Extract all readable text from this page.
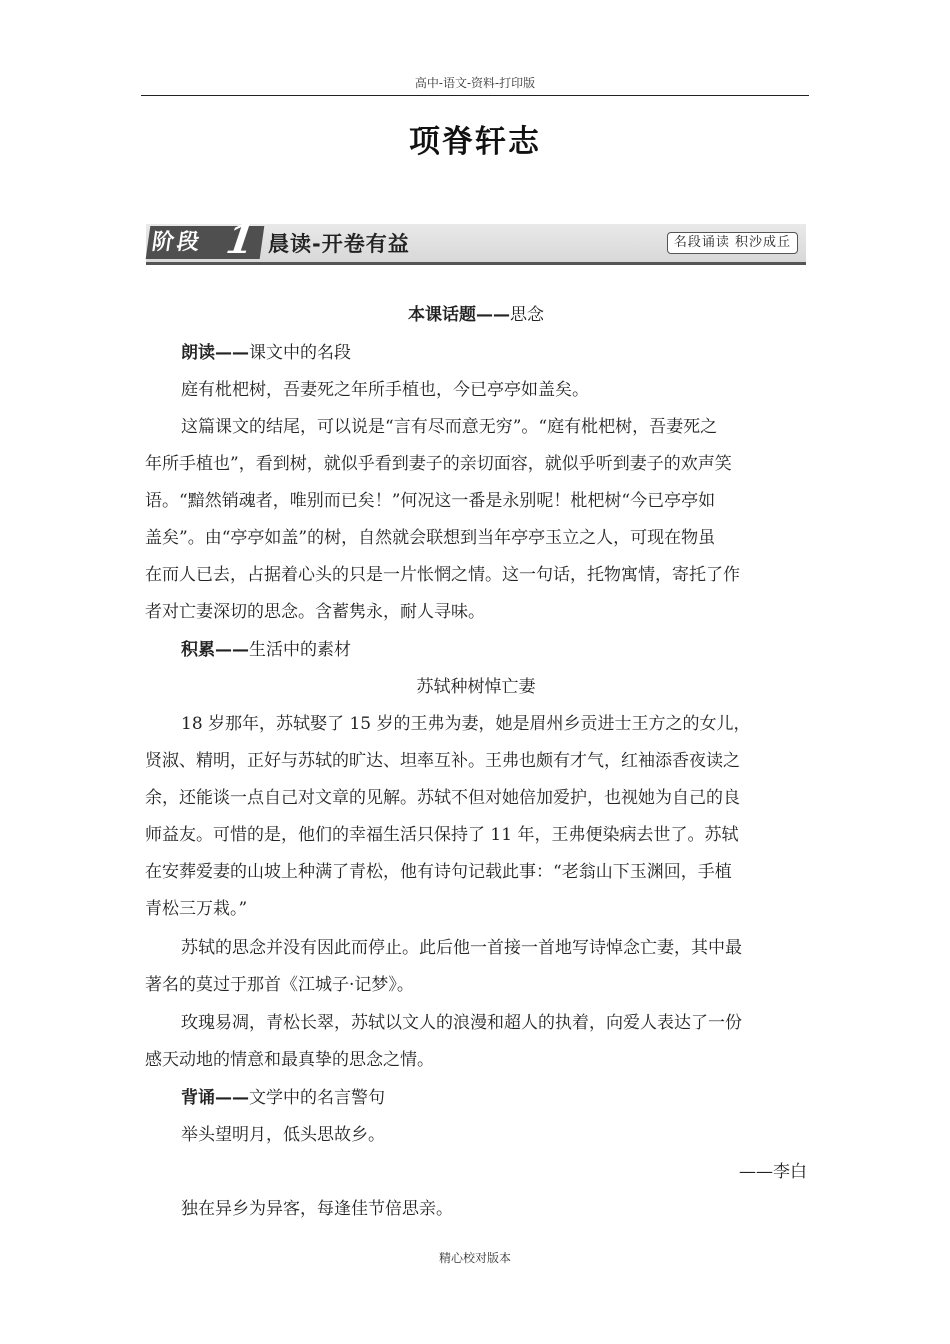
高中-语文-资料-打印版
项脊轩志
阶段 1 晨读-开卷有益	名段诵读 积沙成丘
本课话题——思念
朗读——课文中的名段
庭有枇杷树，吾妻死之年所手植也，今已亭亭如盖矣。
这篇课文的结尾，可以说是“言有尽而意无穷”。“庭有枇杷树，吾妻死之
年所手植也”，看到树，就似乎看到妻子的亲切面容，就似乎听到妻子的欢声笑
语。“黯然销魂者，唯别而已矣！”何况这一番是永别呢！枇杷树“今已亭亭如
盖矣”。由“亭亭如盖”的树，自然就会联想到当年亭亭玉立之人，可现在物虽
在而人已去，占据着心头的只是一片怅惘之情。这一句话，托物寓情，寄托了作
者对亡妻深切的思念。含蓄隽永，耐人寻味。
积累——生活中的素材
苏轼种树悼亡妻
18 岁那年，苏轼娶了 15 岁的王弗为妻，她是眉州乡贡进士王方之的女儿，
贤淑、精明，正好与苏轼的旷达、坦率互补。王弗也颇有才气，红袖添香夜读之
余，还能谈一点自己对文章的见解。苏轼不但对她倍加爱护，也视她为自己的良
师益友。可惜的是，他们的幸福生活只保持了 11 年，王弗便染病去世了。苏轼
在安葬爱妻的山坡上种满了青松，他有诗句记载此事：“老翁山下玉渊回，手植
青松三万栽。”
苏轼的思念并没有因此而停止。此后他一首接一首地写诗悼念亡妻，其中最
著名的莫过于那首《江城子·记梦》。
玫瑰易凋，青松长翠，苏轼以文人的浪漫和超人的执着，向爱人表达了一份
感天动地的情意和最真挚的思念之情。
背诵——文学中的名言警句
举头望明月，低头思故乡。
——李白
独在异乡为异客，每逢佳节倍思亲。
精心校对版本
